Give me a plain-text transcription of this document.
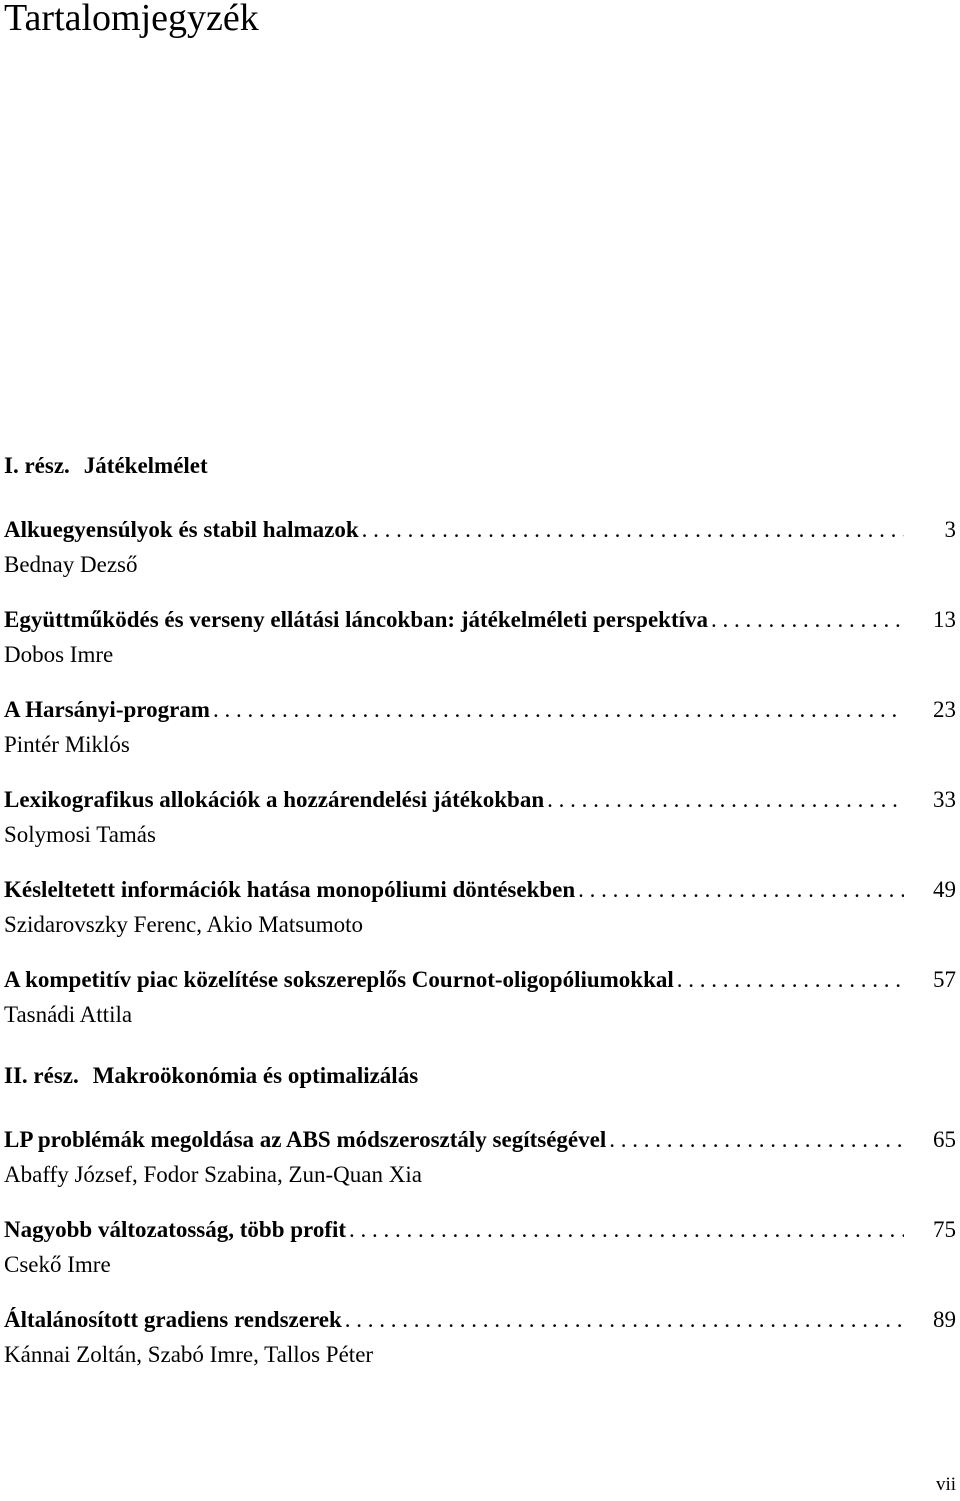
Tartalomjegyzék
I. rész. Játékelmélet
Alkuegyensúlyok és stabil halmazok . . .	3
Bednay Dezső
Együttműködés és verseny ellátási láncokban: játékelméleti perspektíva . . .	13
Dobos Imre
A Harsányi-program . . .	23
Pintér Miklós
Lexikografikus allokációk a hozzárendelési játékokban . . .	33
Solymosi Tamás
Késleltetett információk hatása monopóliumi döntésekben . . .	49
Szidarovszky Ferenc, Akio Matsumoto
A kompetitív piac közelítése sokszereplős Cournot-oligopóliumokkal . . .	57
Tasnádi Attila
II. rész. Makroökonómia és optimalizálás
LP problémák megoldása az ABS módszerosztály segítségével . . .	65
Abaffy József, Fodor Szabina, Zun-Quan Xia
Nagyobb változatosság, több profit . . .	75
Csekő Imre
Általánosított gradiens rendszerek . . .	89
Kánnai Zoltán, Szabó Imre, Tallos Péter
vii
